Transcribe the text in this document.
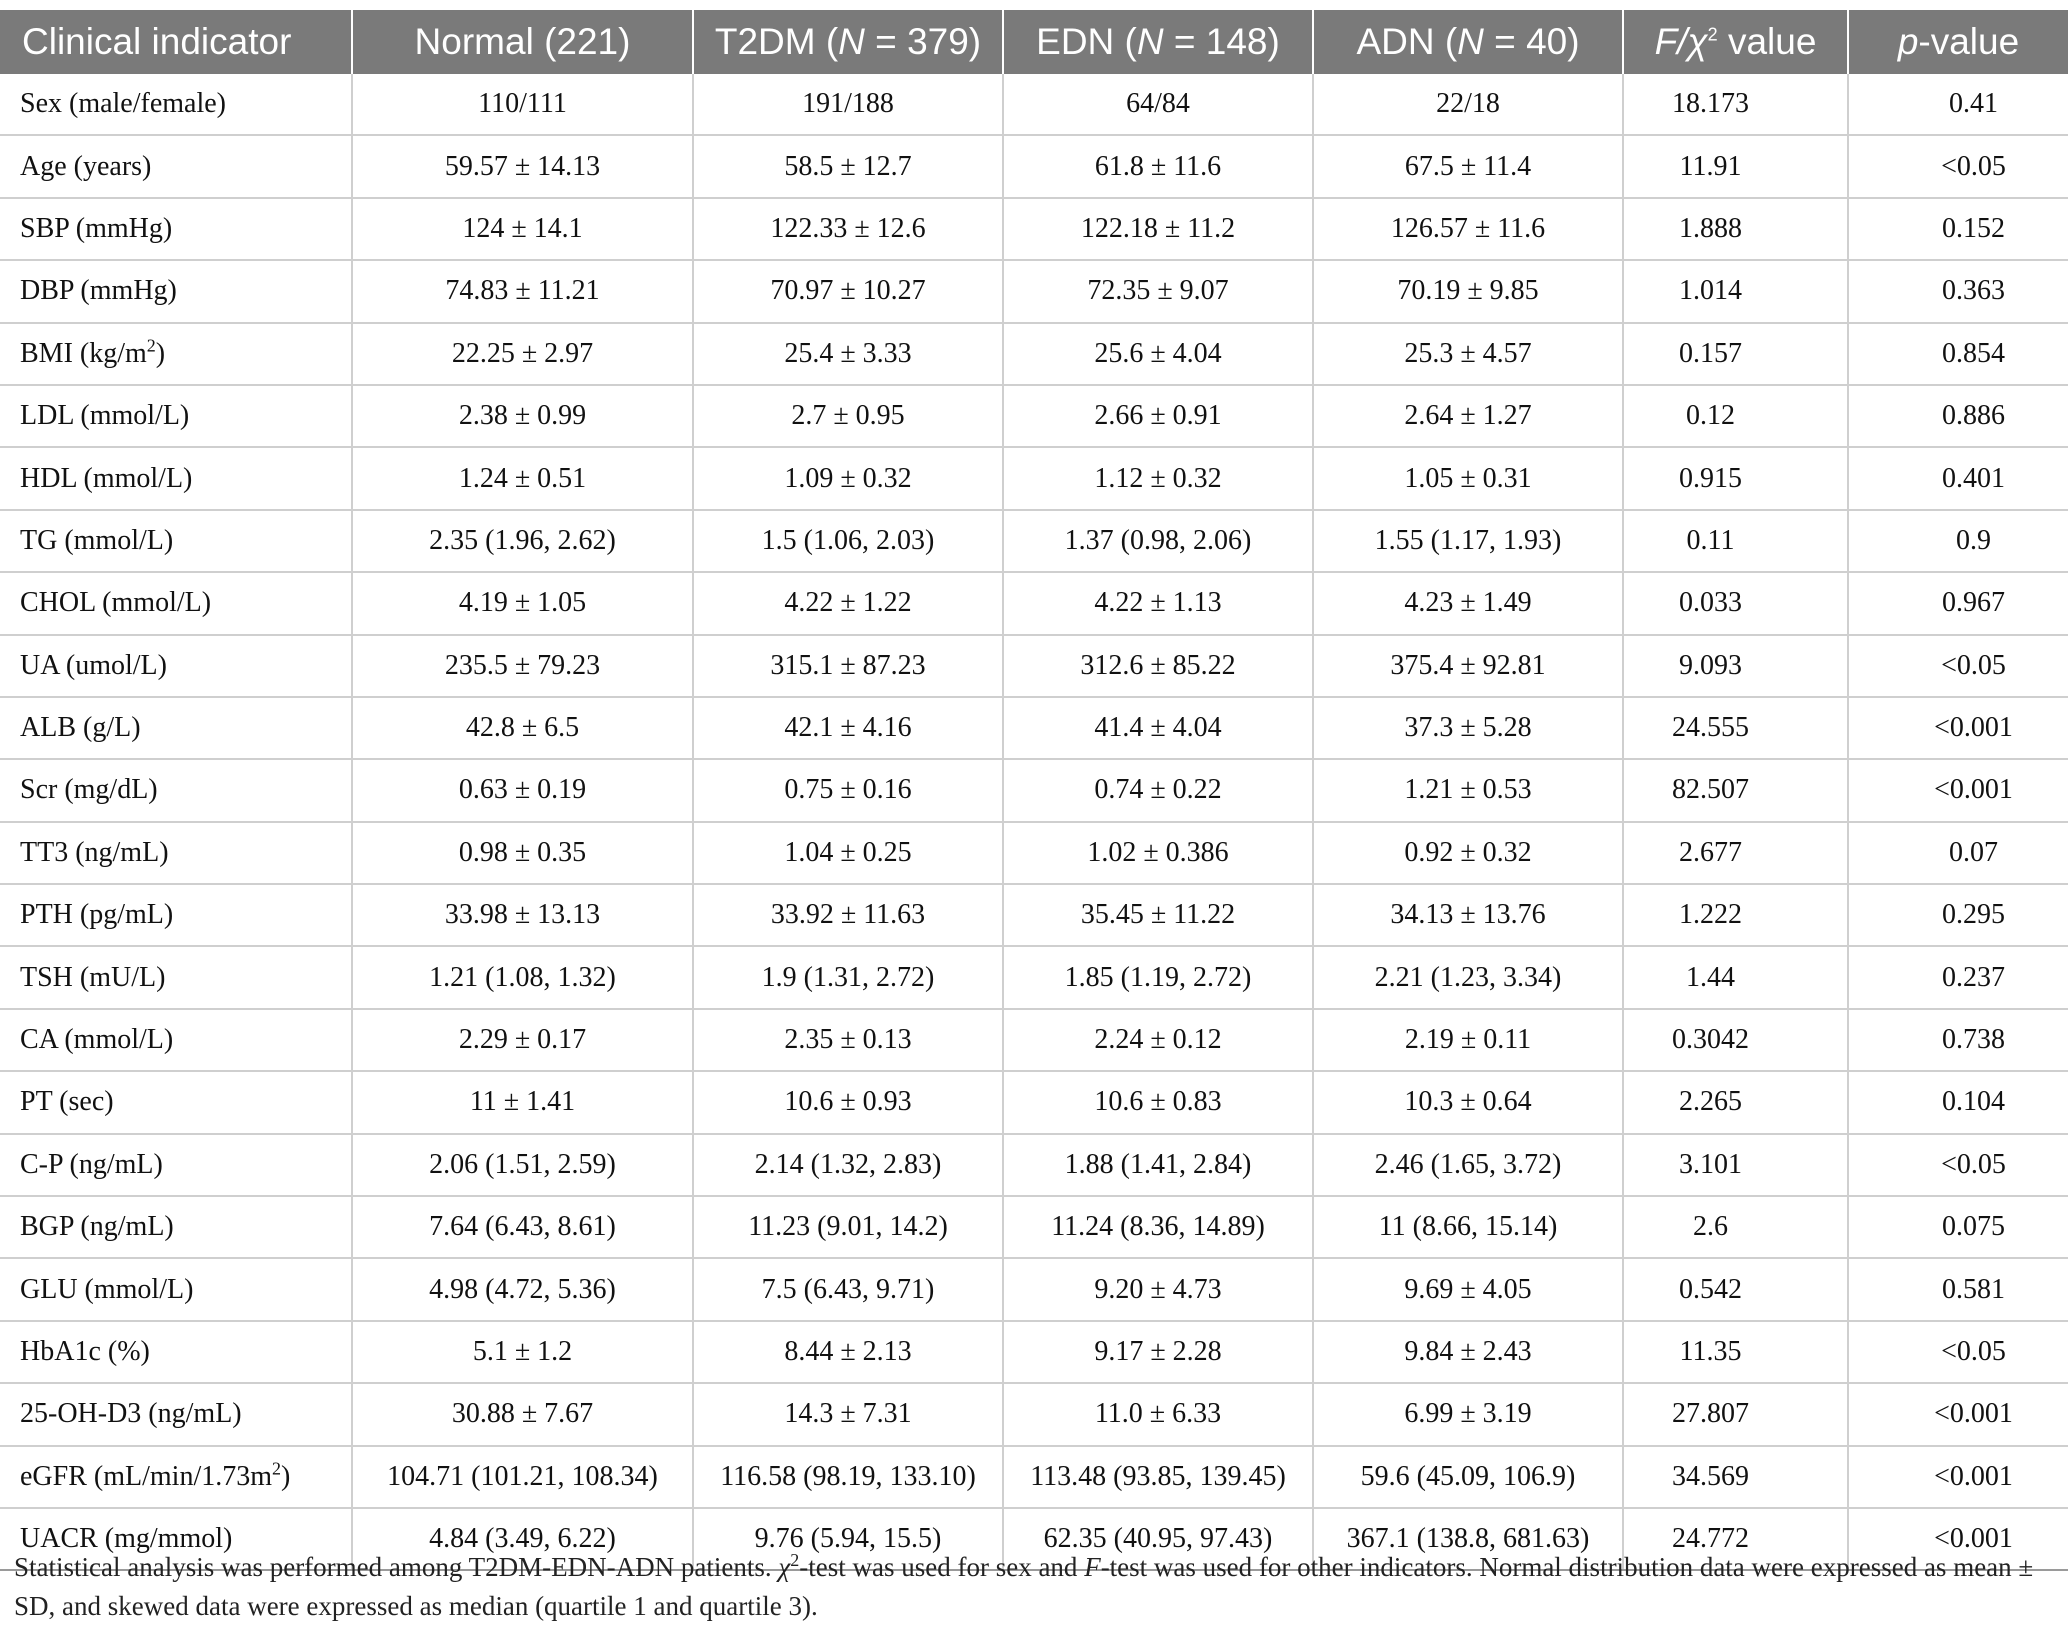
Clinical indicator	Normal (221)	T2DM (N = 379)	EDN (N = 148)	ADN (N = 40)	$F/\chi^2$ value	p-value
Sex (male/female)	110/111	191/188	64/84	22/18	18.173	0.41
Age (years)	59.57 ± 14.13	58.5 ± 12.7	61.8 ± 11.6	67.5 ± 11.4	11.91	<0.05
SBP (mmHg)	124 ± 14.1	122.33 ± 12.6	122.18 ± 11.2	126.57 ± 11.6	1.888	0.152
DBP (mmHg)	74.83 ± 11.21	70.97 ± 10.27	72.35 ± 9.07	70.19 ± 9.85	1.014	0.363
BMI $(kg/m^2)$	22.25 ± 2.97	25.4 ± 3.33	25.6 ± 4.04	25.3 ± 4.57	0.157	0.854
LDL (mmol/L)	2.38 ± 0.99	2.7 ± 0.95	2.66 ± 0.91	2.64 ± 1.27	0.12	0.886
HDL (mmol/L)	1.24 ± 0.51	1.09 ± 0.32	1.12 ± 0.32	1.05 ± 0.31	0.915	0.401
TG (mmol/L)	2.35 (1.96, 2.62)	1.5 (1.06, 2.03)	1.37 (0.98, 2.06)	1.55 (1.17, 1.93)	0.11	0.9
CHOL (mmol/L)	4.19 ± 1.05	4.22 ± 1.22	4.22 ± 1.13	4.23 ± 1.49	0.033	0.967
UA (umol/L)	235.5 ± 79.23	315.1 ± 87.23	312.6 ± 85.22	375.4 ± 92.81	9.093	<0.05
ALB (g/L)	42.8 ± 6.5	42.1 ± 4.16	41.4 ± 4.04	37.3 ± 5.28	24.555	<0.001
Scr (mg/dL)	0.63 ± 0.19	0.75 ± 0.16	0.74 ± 0.22	1.21 ± 0.53	82.507	<0.001
TT3 (ng/mL)	0.98 ± 0.35	1.04 ± 0.25	1.02 ± 0.386	0.92 ± 0.32	2.677	0.07
PTH (pg/mL)	33.98 ± 13.13	33.92 ± 11.63	35.45 ± 11.22	34.13 ± 13.76	1.222	0.295
TSH (mU/L)	1.21 (1.08, 1.32)	1.9 (1.31, 2.72)	1.85 (1.19, 2.72)	2.21 (1.23, 3.34)	1.44	0.237
CA (mmol/L)	2.29 ± 0.17	2.35 ± 0.13	2.24 ± 0.12	2.19 ± 0.11	0.3042	0.738
PT (sec)	11 ± 1.41	10.6 ± 0.93	10.6 ± 0.83	10.3 ± 0.64	2.265	0.104
C-P (ng/mL)	2.06 (1.51, 2.59)	2.14 (1.32, 2.83)	1.88 (1.41, 2.84)	2.46 (1.65, 3.72)	3.101	<0.05
BGP (ng/mL)	7.64 (6.43, 8.61)	11.23 (9.01, 14.2)	11.24 (8.36, 14.89)	11 (8.66, 15.14)	2.6	0.075
GLU (mmol/L)	4.98 (4.72, 5.36)	7.5 (6.43, 9.71)	9.20 ± 4.73	9.69 ± 4.05	0.542	0.581
HbA1c (%)	5.1 ± 1.2	8.44 ± 2.13	9.17 ± 2.28	9.84 ± 2.43	11.35	<0.05
25-OH-D3 (ng/mL)	30.88 ± 7.67	14.3 ± 7.31	11.0 ± 6.33	6.99 ± 3.19	27.807	<0.001
eGFR $(mL/\min/1.73m^2)$	104.71 (101.21, 108.34)	116.58 (98.19, 133.10)	113.48 (93.85, 139.45)	59.6 (45.09, 106.9)	34.569	<0.001
UACR (mg/mmol)	4.84 (3.49, 6.22)	9.76 (5.94, 15.5)	62.35 (40.95, 97.43)	367.1 (138.8, 681.63)	24.772	<0.001

Statistical analysis was performed among T2DM-EDN-ADN patients. $\chi^2$-test was used for sex and F-test was used for other indicators. Normal distribution data were expressed as mean ± SD, and skewed data were expressed as median (quartile 1 and quartile 3).
